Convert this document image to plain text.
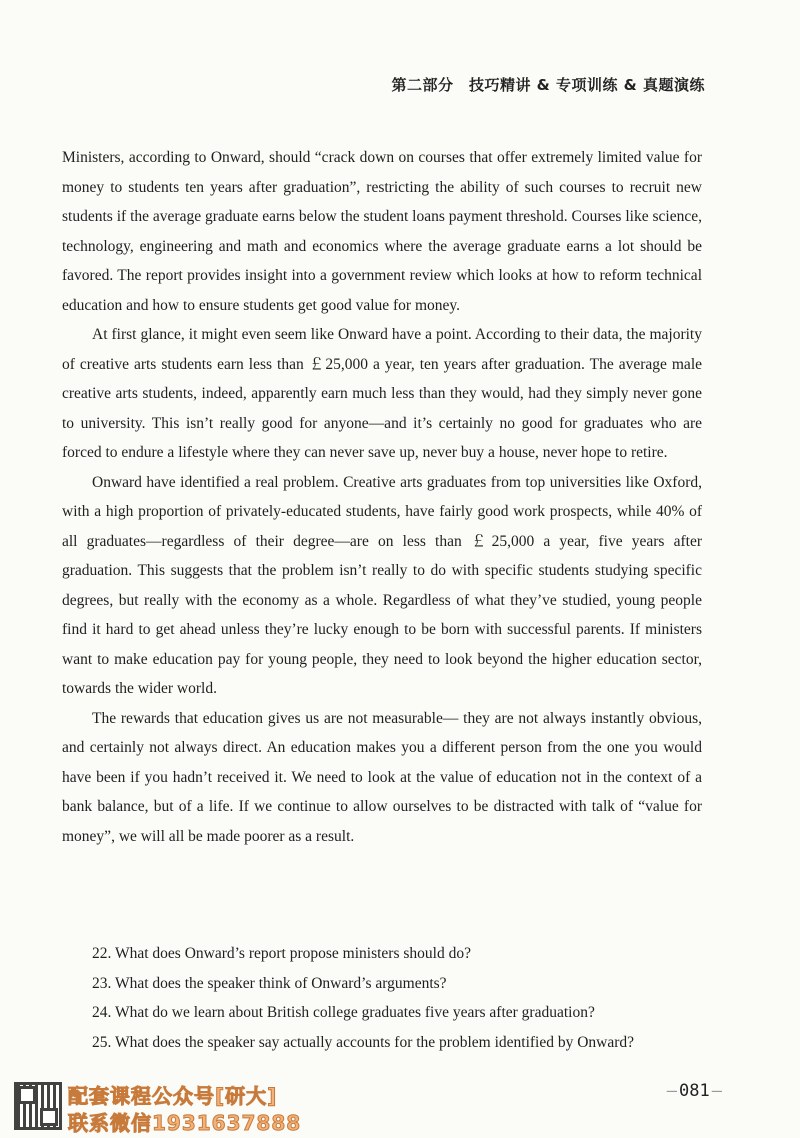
第二部分　技巧精讲 & 专项训练 & 真题演练

Ministers, according to Onward, should “crack down on courses that offer extremely limited value for money to students ten years after graduation”, restricting the ability of such courses to recruit new students if the average graduate earns below the student loans payment threshold. Courses like science, technology, engineering and math and economics where the average graduate earns a lot should be favored. The report provides insight into a government review which looks at how to reform technical education and how to ensure students get good value for money.

At first glance, it might even seem like Onward have a point. According to their data, the majority of creative arts students earn less than ￡25,000 a year, ten years after graduation. The average male creative arts students, indeed, apparently earn much less than they would, had they simply never gone to university. This isn’t really good for anyone—and it’s certainly no good for graduates who are forced to endure a lifestyle where they can never save up, never buy a house, never hope to retire.

Onward have identified a real problem. Creative arts graduates from top universities like Oxford, with a high proportion of privately-educated students, have fairly good work prospects, while 40% of all graduates—regardless of their degree—are on less than ￡25,000 a year, five years after graduation. This suggests that the problem isn’t really to do with specific students studying specific degrees, but really with the economy as a whole. Regardless of what they’ve studied, young people find it hard to get ahead unless they’re lucky enough to be born with successful parents. If ministers want to make education pay for young people, they need to look beyond the higher education sector, towards the wider world.

The rewards that education gives us are not measurable— they are not always instantly obvious, and certainly not always direct. An education makes you a different person from the one you would have been if you hadn’t received it. We need to look at the value of education not in the context of a bank balance, but of a life. If we continue to allow ourselves to be distracted with talk of “value for money”, we will all be made poorer as a result.

22. What does Onward’s report propose ministers should do?
23. What does the speaker think of Onward’s arguments?
24. What do we learn about British college graduates five years after graduation?
25. What does the speaker say actually accounts for the problem identified by Onward?
配套课程公众号[研大]
联系微信1931637888
— 081 —
